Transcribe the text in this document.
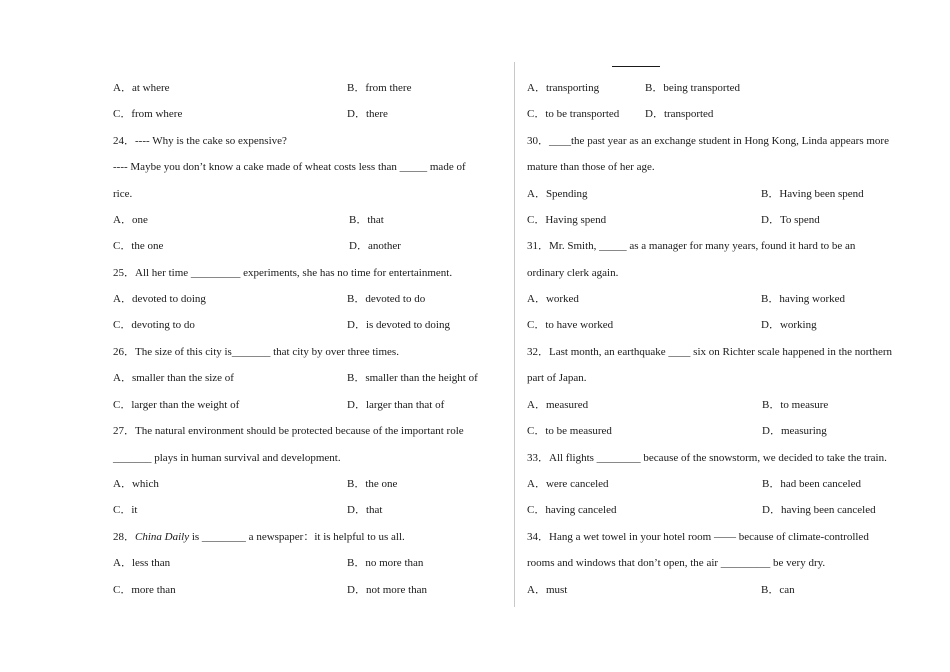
A．at where	B．from there
C．from where	D．there
24．---- Why is the cake so expensive?
---- Maybe you don’t know a cake made of wheat costs less than _____ made of
rice.
A．one	B．that
C．the one	D．another
25．All her time _________ experiments, she has no time for entertainment.
A．devoted to doing	B．devoted to do
C．devoting to do	D．is devoted to doing
26．The size of this city is_______ that city by over three times.
A．smaller than the size of	B．smaller than the height of
C．larger than the weight of	D．larger than that of
27．The natural environment should be protected because of the important role
_______ plays in human survival and development.
A．which	B．the one
C．it	D．that
28．China Daily is ________ a newspaper：it is helpful to us all.
A．less than	B．no more than
C．more than	D．not more than
A．transporting	B．being transported
C．to be transported D．transported
30．____the past year as an exchange student in Hong Kong, Linda appears more
mature than those of her age.
A．Spending	B．Having been spend
C．Having spend	D．To spend
31．Mr. Smith, _____ as a manager for many years, found it hard to be an
ordinary clerk again.
A．worked	B．having worked
C．to have worked	D．working
32．Last month, an earthquake ____ six on Richter scale happened in the northern
part of Japan.
A．measured	B．to measure
C．to be measured	D．measuring
33．All flights ________ because of the snowstorm, we decided to take the train.
A．were canceled	B．had been canceled
C．having canceled	D．having been canceled
34．Hang a wet towel in your hotel room —— because of climate-controlled
rooms and windows that don’t open, the air _________ be very dry.
A．must	B．can
